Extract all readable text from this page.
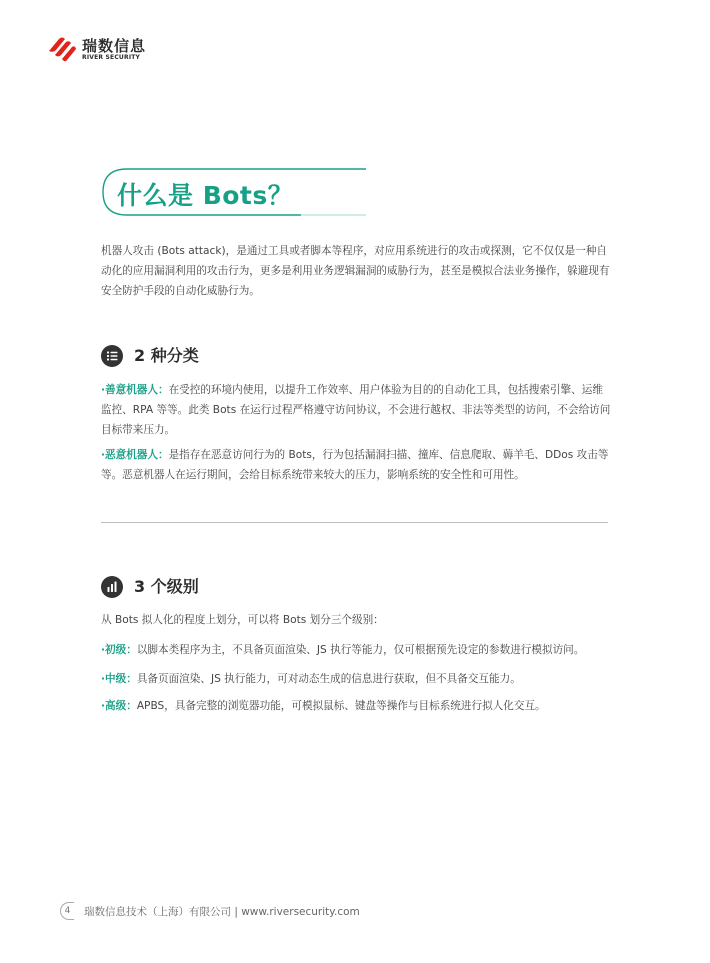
瑞数信息
RIVER SECURITY
什么是 Bots？
机器人攻击 (Bots attack)，是通过工具或者脚本等程序，对应用系统进行的攻击或探测，它不仅仅是一种自动化的应用漏洞利用的攻击行为，更多是利用业务逻辑漏洞的威胁行为，甚至是模拟合法业务操作，躲避现有安全防护手段的自动化威胁行为。
2 种分类
·善意机器人：在受控的环境内使用，以提升工作效率、用户体验为目的的自动化工具，包括搜索引擎、运维监控、RPA 等等。此类 Bots 在运行过程严格遵守访问协议，不会进行越权、非法等类型的访问，不会给访问目标带来压力。
·恶意机器人：是指存在恶意访问行为的 Bots，行为包括漏洞扫描、撞库、信息爬取、薅羊毛、DDos 攻击等等。恶意机器人在运行期间，会给目标系统带来较大的压力，影响系统的安全性和可用性。
3 个级别
从 Bots 拟人化的程度上划分，可以将 Bots 划分三个级别：
·初级：以脚本类程序为主，不具备页面渲染、JS 执行等能力，仅可根据预先设定的参数进行模拟访问。
·中级：具备页面渲染、JS 执行能力，可对动态生成的信息进行获取，但不具备交互能力。
·高级：APBS，具备完整的浏览器功能，可模拟鼠标、键盘等操作与目标系统进行拟人化交互。
4	瑞数信息技术（上海）有限公司 | www.riversecurity.com
